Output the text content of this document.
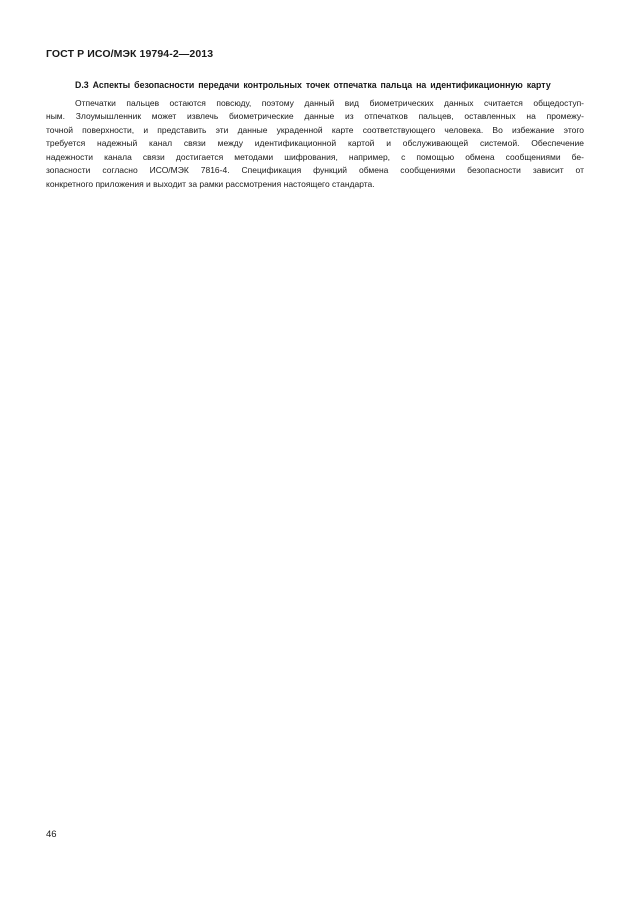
ГОСТ Р ИСО/МЭК 19794-2—2013

D.3 Аспекты безопасности передачи контрольных точек отпечатка пальца на идентификационную карту

Отпечатки пальцев остаются повсюду, поэтому данный вид биометрических данных считается общедоступ-
ным. Злоумышленник может извлечь биометрические данные из отпечатков пальцев, оставленных на промежу-
точной поверхности, и представить эти данные украденной карте соответствующего человека. Во избежание этого
требуется надежный канал связи между идентификационной картой и обслуживающей системой. Обеспечение
надежности канала связи достигается методами шифрования, например, с помощью обмена сообщениями бе-
зопасности согласно ИСО/МЭК 7816-4. Спецификация функций обмена сообщениями безопасности зависит от
конкретного приложения и выходит за рамки рассмотрения настоящего стандарта.

46
